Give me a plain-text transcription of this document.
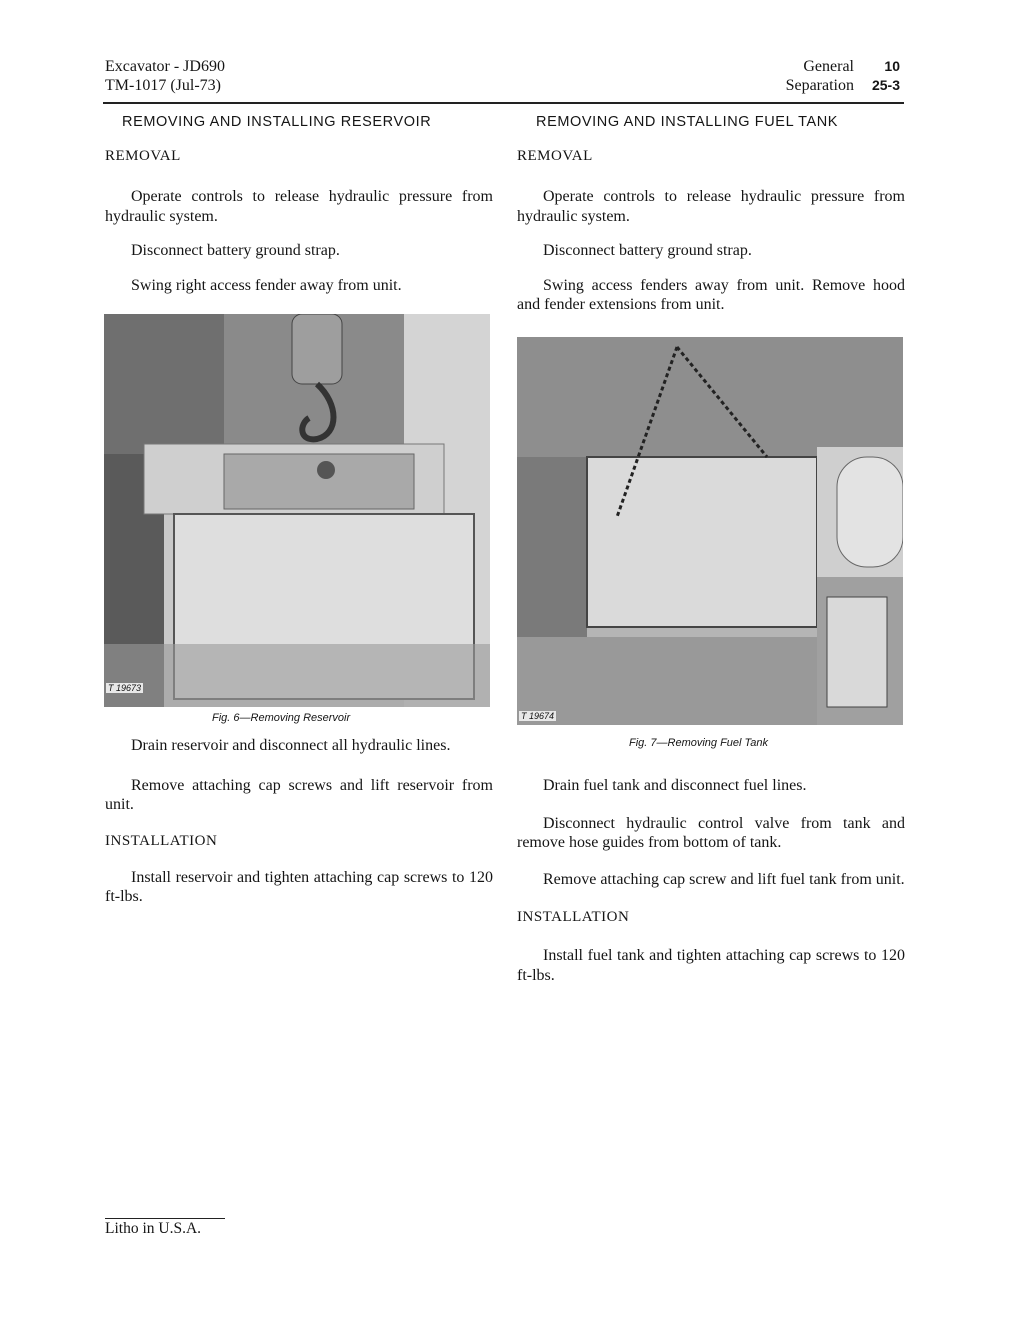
Excavator - JD690
TM-1017 (Jul-73)
General 10
Separation 25-3
REMOVING AND INSTALLING RESERVOIR
REMOVAL

Operate controls to release hydraulic pressure from hydraulic system.

Disconnect battery ground strap.

Swing right access fender away from unit.

T 19673
Fig. 6—Removing Reservoir

Drain reservoir and disconnect all hydraulic lines.

Remove attaching cap screws and lift reservoir from unit.

INSTALLATION

Install reservoir and tighten attaching cap screws to 120 ft-lbs.

REMOVING AND INSTALLING FUEL TANK
REMOVAL

Operate controls to release hydraulic pressure from hydraulic system.

Disconnect battery ground strap.

Swing access fenders away from unit. Remove hood and fender extensions from unit.

T 19674
Fig. 7—Removing Fuel Tank

Drain fuel tank and disconnect fuel lines.

Disconnect hydraulic control valve from tank and remove hose guides from bottom of tank.

Remove attaching cap screw and lift fuel tank from unit.

INSTALLATION

Install fuel tank and tighten attaching cap screws to 120 ft-lbs.

Litho in U.S.A.
